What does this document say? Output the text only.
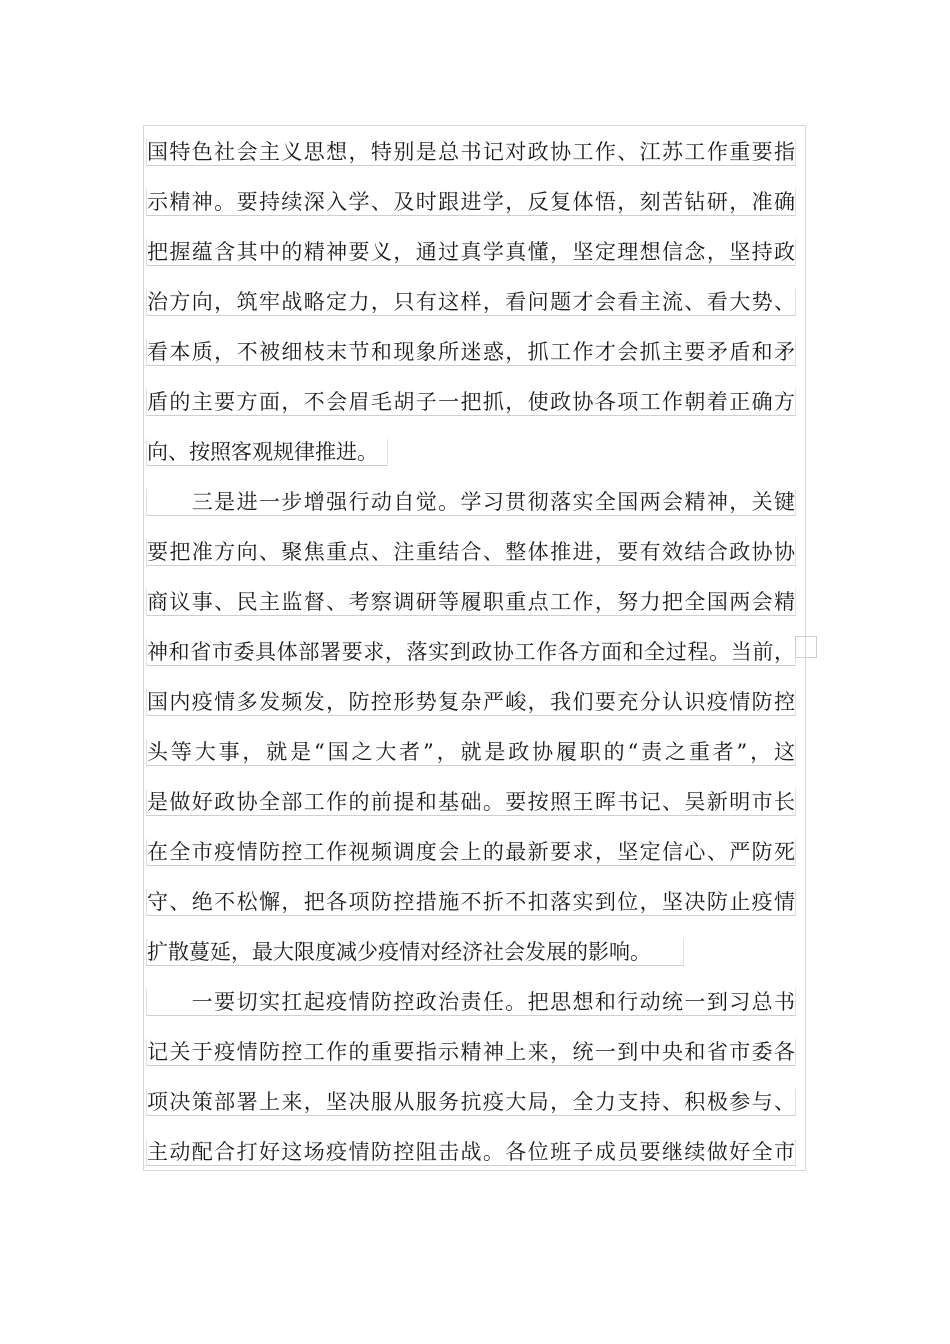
国特色社会主义思想，特别是总书记对政协工作、江苏工作重要指
示精神。要持续深入学、及时跟进学，反复体悟，刻苦钻研，准确
把握蕴含其中的精神要义，通过真学真懂，坚定理想信念，坚持政
治方向，筑牢战略定力，只有这样，看问题才会看主流、看大势、
看本质，不被细枝末节和现象所迷惑，抓工作才会抓主要矛盾和矛
盾的主要方面，不会眉毛胡子一把抓，使政协各项工作朝着正确方
向、按照客观规律推进。
　　三是进一步增强行动自觉。学习贯彻落实全国两会精神，关键
要把准方向、聚焦重点、注重结合、整体推进，要有效结合政协协
商议事、民主监督、考察调研等履职重点工作，努力把全国两会精
神和省市委具体部署要求，落实到政协工作各方面和全过程。当前，
国内疫情多发频发，防控形势复杂严峻，我们要充分认识疫情防控
头等大事，就是“国之大者”，就是政协履职的“责之重者”，这
是做好政协全部工作的前提和基础。要按照王晖书记、吴新明市长
在全市疫情防控工作视频调度会上的最新要求，坚定信心、严防死
守、绝不松懈，把各项防控措施不折不扣落实到位，坚决防止疫情
扩散蔓延，最大限度减少疫情对经济社会发展的影响。
　　一要切实扛起疫情防控政治责任。把思想和行动统一到习总书
记关于疫情防控工作的重要指示精神上来，统一到中央和省市委各
项决策部署上来，坚决服从服务抗疫大局，全力支持、积极参与、
主动配合打好这场疫情防控阻击战。各位班子成员要继续做好全市
